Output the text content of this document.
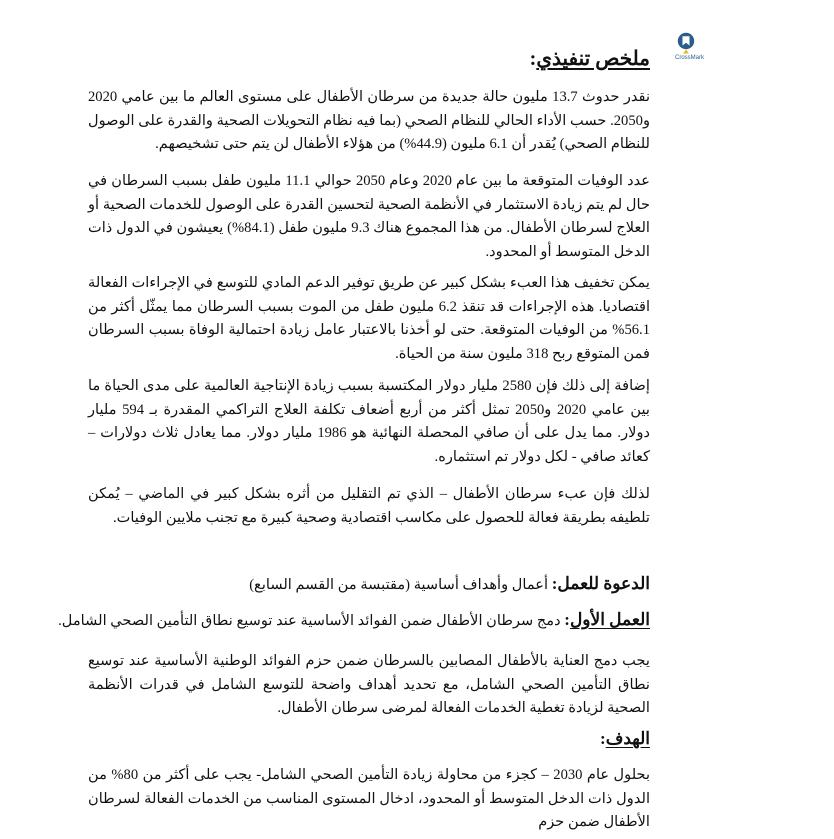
CrossMark
ملخص تنفيذي:

نقدر حدوث 13.7 مليون حالة جديدة من سرطان الأطفال على مستوى العالم ما بين عامي 2020 و2050. حسب الأداء الحالي للنظام الصحي (بما فيه نظام التحويلات الصحية والقدرة على الوصول للنظام الصحي) يُقدر أن 6.1 مليون (44.9%) من هؤلاء الأطفال لن يتم حتى تشخيصهم.

عدد الوفيات المتوقعة ما بين عام 2020 وعام 2050 حوالي 11.1 مليون طفل بسبب السرطان في حال لم يتم زيادة الاستثمار في الأنظمة الصحية لتحسين القدرة على الوصول للخدمات الصحية أو العلاج لسرطان الأطفال. من هذا المجموع هناك 9.3 مليون طفل (84.1%) يعيشون في الدول ذات الدخل المتوسط أو المحدود.

يمكن تخفيف هذا العبء بشكل كبير عن طريق توفير الدعم المادي للتوسع في الإجراءات الفعالة اقتصاديا. هذه الإجراءات قد تنقذ 6.2 مليون طفل من الموت بسبب السرطان مما يمثّل أكثر من 56.1% من الوفيات المتوقعة. حتى لو أخذنا بالاعتبار عامل زيادة احتمالية الوفاة بسبب السرطان فمن المتوقع ربح 318 مليون سنة من الحياة.

إضافة إلى ذلك فإن 2580 مليار دولار المكتسبة بسبب زيادة الإنتاجية العالمية على مدى الحياة ما بين عامي 2020 و2050 تمثل أكثر من أربع أضعاف تكلفة العلاج التراكمي المقدرة بـ 594 مليار دولار. مما يدل على أن صافي المحصلة النهائية هو 1986 مليار دولار. مما يعادل ثلاث دولارات – كعائد صافي - لكل دولار تم استثماره.

لذلك فإن عبء سرطان الأطفال – الذي تم التقليل من أثره بشكل كبير في الماضي – يُمكن تلطيفه بطريقة فعالة للحصول على مكاسب اقتصادية وصحية كبيرة مع تجنب ملايين الوفيات.

الدعوة للعمل: أعمال وأهداف أساسية (مقتبسة من القسم السابع)
العمل الأول: دمج سرطان الأطفال ضمن الفوائد الأساسية عند توسيع نطاق التأمين الصحي الشامل.

يجب دمج العناية بالأطفال المصابين بالسرطان ضمن حزم الفوائد الوطنية الأساسية عند توسيع نطاق التأمين الصحي الشامل، مع تحديد أهداف واضحة للتوسع الشامل في قدرات الأنظمة الصحية لزيادة تغطية الخدمات الفعالة لمرضى سرطان الأطفال.

الهدف:

بحلول عام 2030 – كجزء من محاولة زيادة التأمين الصحي الشامل- يجب على أكثر من 80% من الدول ذات الدخل المتوسط أو المحدود، ادخال المستوى المناسب من الخدمات الفعالة لسرطان الأطفال ضمن حزم
